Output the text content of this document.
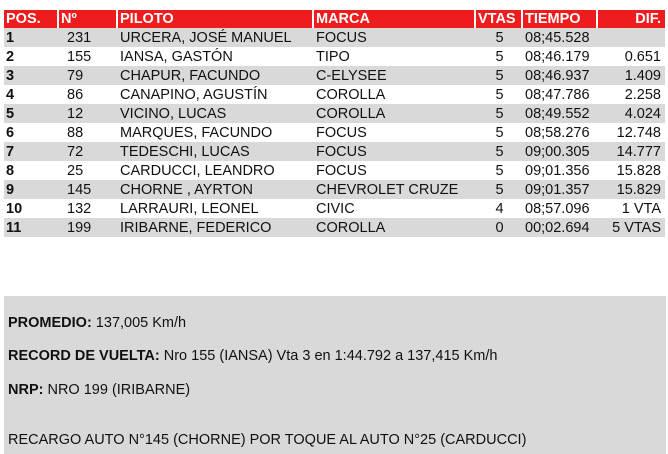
POS.	Nº	PILOTO	MARCA	VTAS	TIEMPO	DIF.
1	231	URCERA, JOSÉ MANUEL	FOCUS	5	08;45.528	
2	155	IANSA, GASTÓN	TIPO	5	08;46.179	0.651
3	79	CHAPUR, FACUNDO	C-ELYSEE	5	08;46.937	1.409
4	86	CANAPINO, AGUSTÍN	COROLLA	5	08;47.786	2.258
5	12	VICINO, LUCAS	COROLLA	5	08;49.552	4.024
6	88	MARQUES, FACUNDO	FOCUS	5	08;58.276	12.748
7	72	TEDESCHI, LUCAS	FOCUS	5	09;00.305	14.777
8	25	CARDUCCI, LEANDRO	FOCUS	5	09;01.356	15.828
9	145	CHORNE , AYRTON	CHEVROLET CRUZE	5	09;01.357	15.829
10	132	LARRAURI, LEONEL	CIVIC	4	08;57.096	1 VTA
11	199	IRIBARNE, FEDERICO	COROLLA	0	00;02.694	5 VTAS
PROMEDIO: 137,005 Km/h
RECORD DE VUELTA: Nro 155 (IANSA) Vta 3 en 1:44.792 a 137,415 Km/h
NRP: NRO 199 (IRIBARNE)
RECARGO AUTO N°145 (CHORNE) POR TOQUE AL AUTO N°25 (CARDUCCI)
